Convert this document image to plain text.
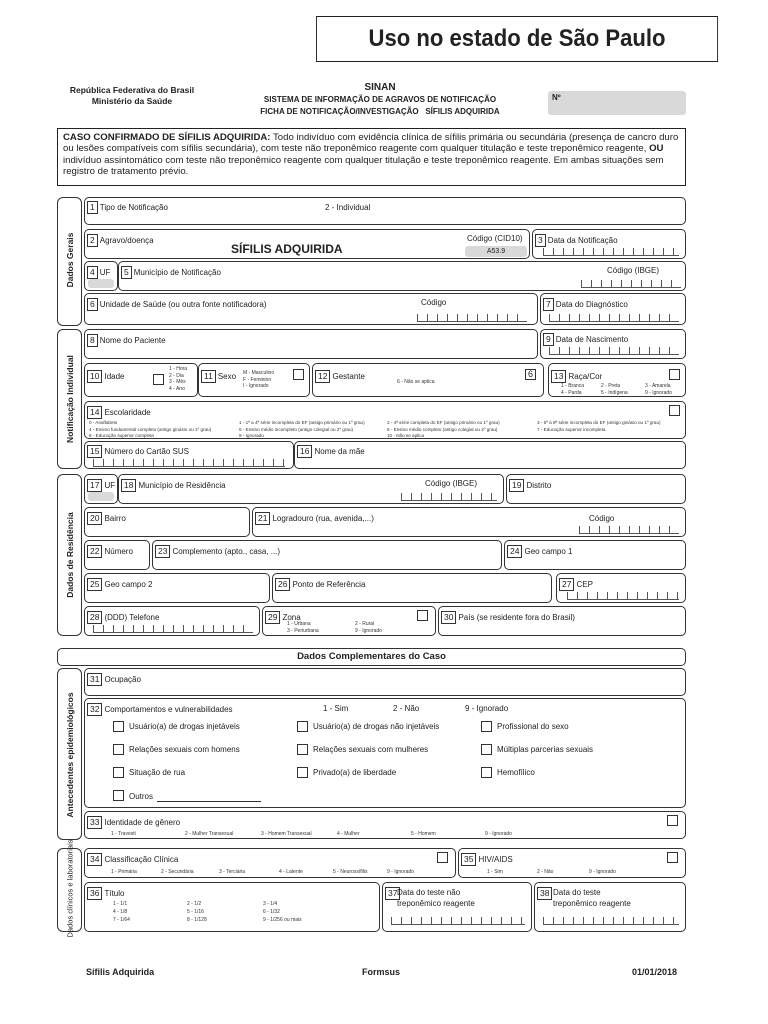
Uso no estado de São Paulo
República Federativa do Brasil
Ministério da Saúde
SINAN
SISTEMA DE INFORMAÇÃO DE AGRAVOS DE NOTIFICAÇÃO
FICHA DE NOTIFICAÇÃO/INVESTIGAÇÃO   SÍFILIS ADQUIRIDA
Nº
CASO CONFIRMADO DE SÍFILIS ADQUIRIDA: Todo indivíduo com evidência clínica de sífilis primária ou secundária (presença de cancro duro ou lesões compatíveis com sífilis secundária), com teste não treponêmico reagente com qualquer titulação e teste treponêmico reagente, OU indivíduo assintomático com teste não treponêmico reagente com qualquer titulação e teste treponêmico reagente. Em ambas situações sem registro de tratamento prévio.
Dados Gerais
1 Tipo de Notificação	2 - Individual
2 Agravo/doença
SÍFILIS ADQUIRIDA
Código (CID10)
A53.9
3 Data da Notificação
4 UF	5 Município de Notificação	Código (IBGE)
6 Unidade de Saúde (ou outra fonte notificadora)	Código	7 Data do Diagnóstico
Notificação Individual
8 Nome do Paciente	9 Data de Nascimento
10 Idade
1 - Hora
2 - Dia
3 - Mês
4 - Ano
11 Sexo M - Masculino
F - Feminino
I - Ignorado
12 Gestante
6 - Não se aplica
6	13 Raça/Cor
1 - Branca
4 - Parda
2 - Preta
5 - Indígena
3 - Amarela
9 - Ignorado
14 Escolaridade
0 - Analfabeto
4 - Ensino fundamental completo (antigo ginásio ou 1º grau)
8 - Educação superior completa
1 - 1ª a 4ª série incompleta do EF (antigo primário ou 1º grau)
5 - Ensino médio incompleto (antigo colegial ou 2º grau)
9 - Ignorado
2 - 4ª série completa do EF (antigo primário ou 1º grau)
6 - Ensino médio completo (antigo colegial ou 2º grau)
10 - Não se aplica
3 - 5ª à 8ª série incompleta do EF (antigo ginásio ou 1º grau)
7 - Educação superior incompleta
15 Número do Cartão SUS	16 Nome da mãe
Dados de Residência
17 UF	18 Município de Residência	Código (IBGE)	19 Distrito
20 Bairro	21 Logradouro (rua, avenida,...)	Código
22 Número	23 Complemento (apto., casa, ...)	24 Geo campo 1
25 Geo campo 2	26 Ponto de Referência	27 CEP
28 (DDD) Telefone	29 Zona
1 - Urbana
3 - Periurbana
2 - Rural
9 - Ignorado
30 País (se residente fora do Brasil)
Dados Complementares do Caso
Antecedentes epidemiológicos
31 Ocupação
32 Comportamentos e vulnerabilidades	1 - Sim	2 - Não	9 - Ignorado
Usuário(a) de drogas injetáveis	Usuário(a) de drogas não injetáveis	Profissional do sexo
Relações sexuais com homens	Relações sexuais com mulheres	Múltiplas parcerias sexuais
Situação de rua	Privado(a) de liberdade	Hemofílico
Outros
33 Identidade de gênero
1 - Travesti	2 - Mulher Transexual	3 - Homem Transexual	4 - Mulher	5 - Homem	9 - Ignorado
Dados clínicos e laboratoriais	34 Classificação Clínica
1 - Primária	2 - Secundária	3 - Terciária	4 - Latente	5 - Neurossífilis	9 - Ignorado
35 HIV/AIDS
1 - Sim	2 - Não	9 - Ignorado
36 Título
1 - 1/1
4 - 1/8
7 - 1/64
2 - 1/2
5 - 1/16
8 - 1/128
3 - 1/4
6 - 1/32
9 - 1/256 ou mais
37 Data do teste não
treponêmico reagente
38 Data do teste
treponêmico reagente
Sífilis Adquirida	Formsus	01/01/2018
